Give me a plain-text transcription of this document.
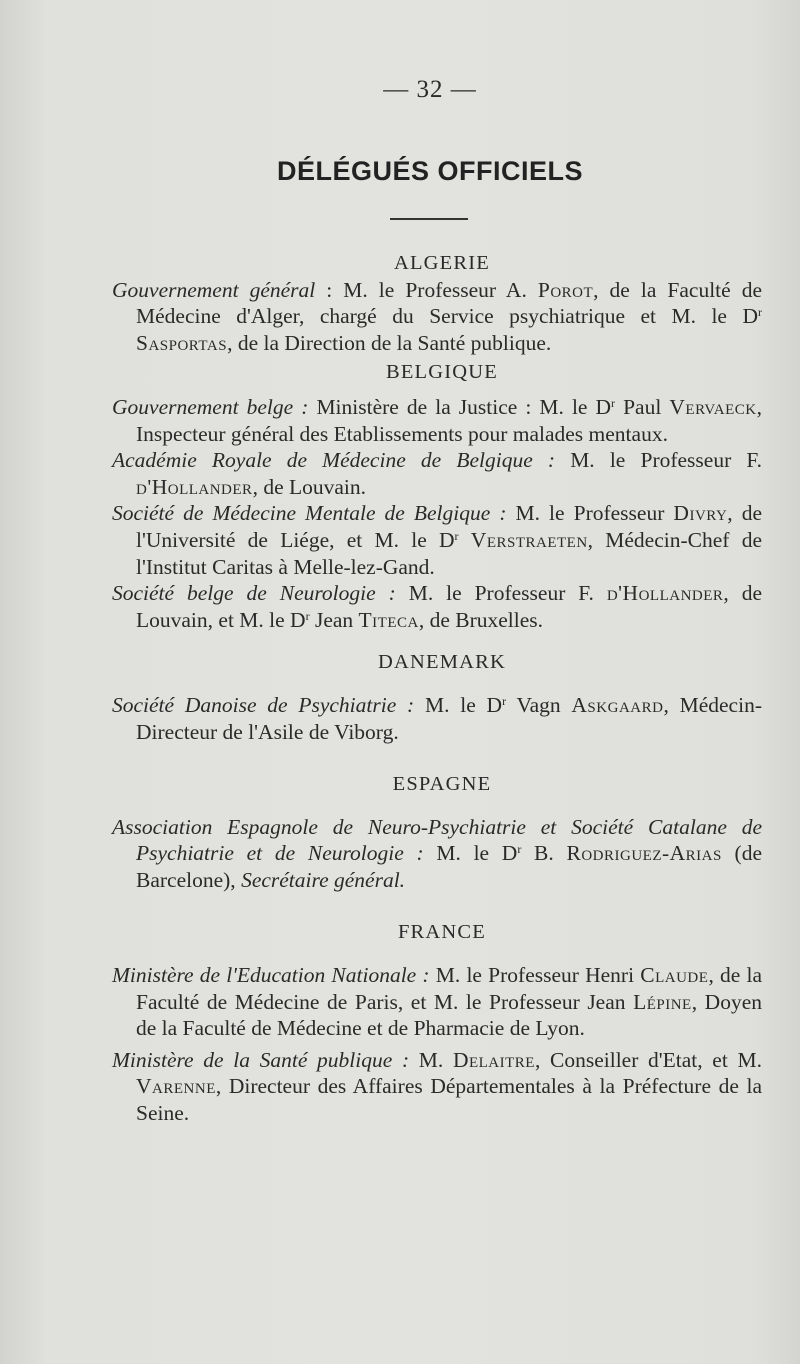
— 32 —
DÉLÉGUÉS OFFICIELS

ALGERIE

Gouvernement général : M. le Professeur A. Porot, de la Faculté de Médecine d'Alger, chargé du Service psychiatrique et M. le $D^r$ Sasportas, de la Direction de la Santé publique.

BELGIQUE

Gouvernement belge : Ministère de la Justice : M. le $D^r$ Paul Vervaeck, Inspecteur général des Etablissements pour malades mentaux.

Académie Royale de Médecine de Belgique : M. le Professeur F. d'Hollander, de Louvain.

Société de Médecine Mentale de Belgique : M. le Professeur Divry, de l'Université de Liége, et M. le $D^r$ Verstraeten, Médecin-Chef de l'Institut Caritas à Melle-lez-Gand.

Société belge de Neurologie : M. le Professeur F. d'Hollander, de Louvain, et M. le $D^r$ Jean Titeca, de Bruxelles.

DANEMARK

Société Danoise de Psychiatrie : M. le $D^r$ Vagn Askgaard, Médecin-Directeur de l'Asile de Viborg.

ESPAGNE

Association Espagnole de Neuro-Psychiatrie et Société Catalane de Psychiatrie et de Neurologie : M. le $D^r$ B. Rodriguez-Arias (de Barcelone), Secrétaire général.

FRANCE

Ministère de l'Education Nationale : M. le Professeur Henri Claude, de la Faculté de Médecine de Paris, et M. le Professeur Jean Lépine, Doyen de la Faculté de Médecine et de Pharmacie de Lyon.

Ministère de la Santé publique : M. Delaitre, Conseiller d'Etat, et M. Varenne, Directeur des Affaires Départementales à la Préfecture de la Seine.
